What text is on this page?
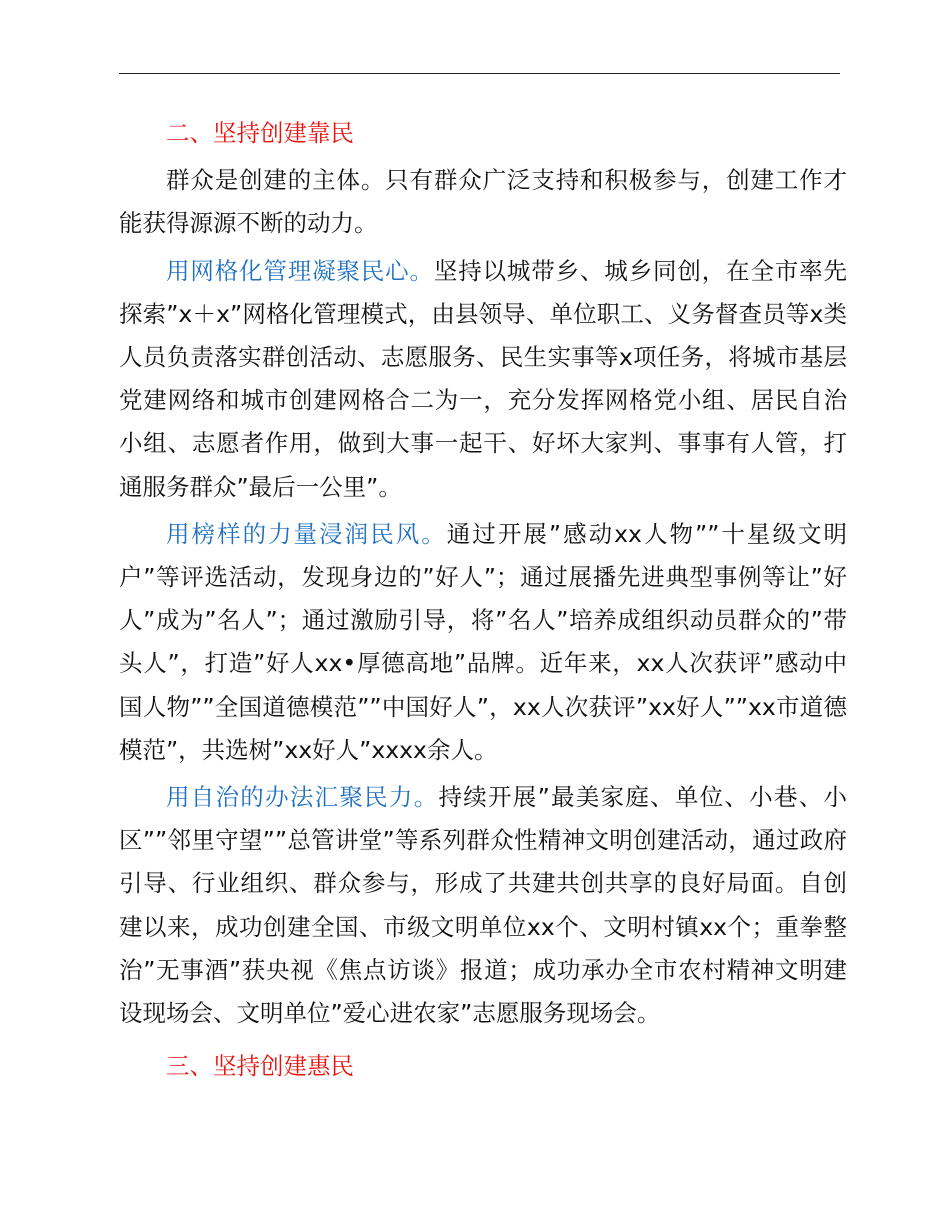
二、坚持创建靠民

群众是创建的主体。只有群众广泛支持和积极参与，创建工作才能获得源源不断的动力。

用网格化管理凝聚民心。坚持以城带乡、城乡同创，在全市率先探索”x＋x”网格化管理模式，由县领导、单位职工、义务督查员等x类人员负责落实群创活动、志愿服务、民生实事等x项任务，将城市基层党建网络和城市创建网格合二为一，充分发挥网格党小组、居民自治小组、志愿者作用，做到大事一起干、好坏大家判、事事有人管，打通服务群众”最后一公里”。

用榜样的力量浸润民风。通过开展”感动xx人物””十星级文明户”等评选活动，发现身边的”好人”；通过展播先进典型事例等让”好人”成为”名人”；通过激励引导，将”名人”培养成组织动员群众的”带头人”，打造”好人xx•厚德高地”品牌。近年来，xx人次获评”感动中国人物””全国道德模范””中国好人”，xx人次获评”xx好人””xx市道德模范”，共选树”xx好人”xxxx余人。

用自治的办法汇聚民力。持续开展”最美家庭、单位、小巷、小区””邻里守望””总管讲堂”等系列群众性精神文明创建活动，通过政府引导、行业组织、群众参与，形成了共建共创共享的良好局面。自创建以来，成功创建全国、市级文明单位xx个、文明村镇xx个；重拳整治”无事酒”获央视《焦点访谈》报道；成功承办全市农村精神文明建设现场会、文明单位”爱心进农家”志愿服务现场会。

三、坚持创建惠民
